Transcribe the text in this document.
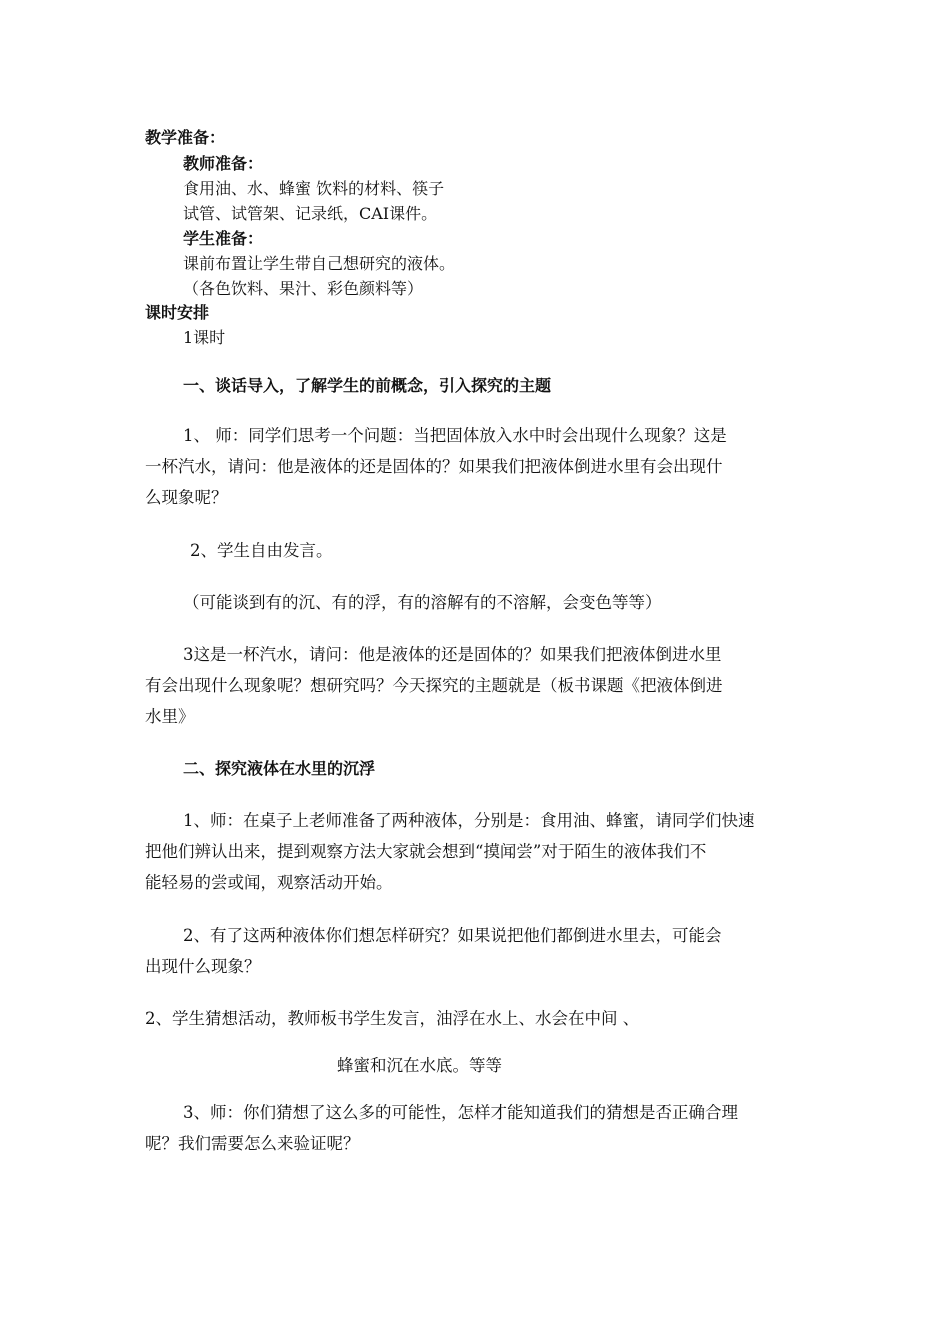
教学准备：
教师准备：
食用油、水、蜂蜜 饮料的材料、筷子
试管、试管架、记录纸，CAI课件。
学生准备：
课前布置让学生带自己想研究的液体。
（各色饮料、果汁、彩色颜料等）
课时安排
1课时
一、谈话导入，了解学生的前概念，引入探究的主题
1、 师：同学们思考一个问题：当把固体放入水中时会出现什么现象？这是
一杯汽水，请问：他是液体的还是固体的？如果我们把液体倒进水里有会出现什
么现象呢？
2、学生自由发言。
（可能谈到有的沉、有的浮，有的溶解有的不溶解，会变色等等）
3这是一杯汽水，请问：他是液体的还是固体的？如果我们把液体倒进水里
有会出现什么现象呢？想研究吗？今天探究的主题就是（板书课题《把液体倒进
水里》
二、探究液体在水里的沉浮
1、师：在桌子上老师准备了两种液体，分别是：食用油、蜂蜜，请同学们快速
把他们辨认出来，提到观察方法大家就会想到“摸闻尝”对于陌生的液体我们不
能轻易的尝或闻，观察活动开始。
2、有了这两种液体你们想怎样研究？如果说把他们都倒进水里去，可能会
出现什么现象？
2、学生猜想活动，教师板书学生发言，油浮在水上、水会在中间 、
蜂蜜和沉在水底。等等
3、师：你们猜想了这么多的可能性，怎样才能知道我们的猜想是否正确合理
呢？我们需要怎么来验证呢？
